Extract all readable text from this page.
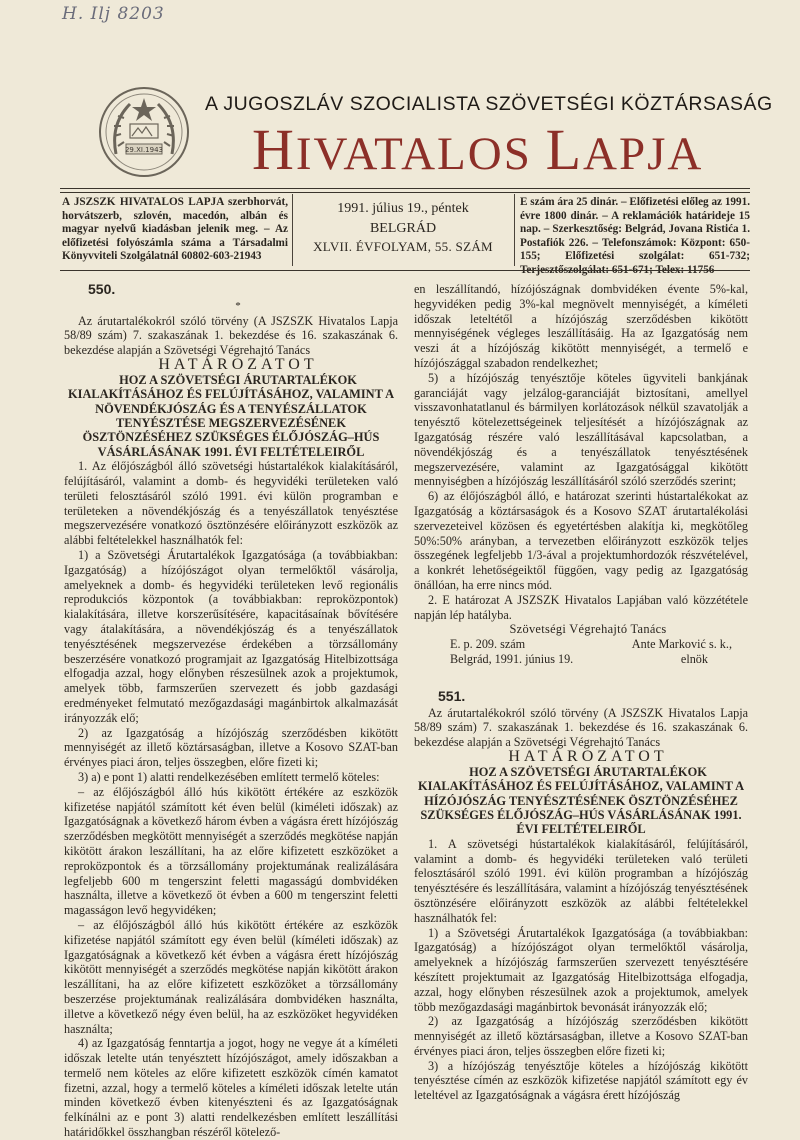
H. Ilj 8203
29.XI.1943
A JUGOSZLÁV SZOCIALISTA SZÖVETSÉGI KÖZTÁRSASÁG
HIVATALOS LAPJA
A JSZSZK HIVATALOS LAPJA szerbhorvát, horvátszerb, szlovén, macedón, albán és magyar nyelvű kiadásban jelenik meg. – Az előfizetési folyószámla száma a Társadalmi Könyvviteli Szolgálatnál 60802-603-21943
1991. július 19., péntek
BELGRÁD
XLVII. ÉVFOLYAM, 55. SZÁM
E szám ára 25 dinár. – Előfizetési előleg az 1991. évre 1800 dinár. – A reklamációk határideje 15 nap. – Szerkesztőség: Belgrád, Jovana Ristića 1. Postafiók 226. – Telefonszámok: Központ: 650-155; Előfizetési szolgálat: 651-732; Terjesztőszolgálat: 651-671; Telex: 11756
550.

*

Az árutartalékokról szóló törvény (A JSZSZK Hivatalos Lapja 58/89 szám) 7. szakaszának 1. bekezdése és 16. szakaszának 6. bekezdése alapján a Szövetségi Végrehajtó Tanács

HATÁROZATOT

HOZ A SZÖVETSÉGI ÁRUTARTALÉKOK KIALAKÍTÁSÁHOZ ÉS FELÚJÍTÁSÁHOZ, VALAMINT A NÖVENDÉKJÓSZÁG ÉS A TENYÉSZÁLLATOK TENYÉSZTÉSE MEGSZERVEZÉSÉNEK ÖSZTÖNZÉSÉHEZ SZÜKSÉGES ÉLŐJÓSZÁG–HÚS VÁSÁRLÁSÁNAK 1991. ÉVI FELTÉTELEIRŐL

1. Az élőjószágból álló szövetségi hústartalékok kialakításáról, felújításáról, valamint a domb- és hegyvidéki területeken való területi felosztásáról szóló 1991. évi külön programban e területeken a növendékjószág és a tenyészállatok tenyésztése megszervezésére vonatkozó ösztönzésére előirányzott eszközök az alábbi feltételekkel használhatók fel:

1) a Szövetségi Árutartalékok Igazgatósága (a továbbiakban: Igazgatóság) a hízójószágot olyan termelőktől vásárolja, amelyeknek a domb- és hegyvidéki területeken levő regionális reprodukciós központok (a továbbiakban: reproközpontok) kialakítására, illetve korszerűsítésére, kapacitásaínak bővítésére vagy átalakítására, a növendékjószág és a tenyészállatok tenyésztésének megszervezése érdekében a törzsállomány beszerzésére vonatkozó programjait az Igazgatóság Hitelbizottsága elfogadja azzal, hogy előnyben részesülnek azok a projektumok, amelyek több, farmszerűen szervezett és jobb gazdasági eredményeket felmutató mezőgazdasági magánbirtok alkalmazását irányozzák elő;

2) az Igazgatóság a hízójószág szerződésben kikötött mennyiségét az illető köztársaságban, illetve a Kosovo SZAT-ban érvényes piaci áron, teljes összegben, előre fizeti ki;

3) a) e pont 1) alatti rendelkezésében említett termelő köteles:

– az élőjószágból álló hús kikötött értékére az eszközök kifizetése napjától számított két éven belül (kiméleti időszak) az Igazgatóságnak a következő három évben a vágásra érett hízójószág szerződésben megkötött mennyiségét a szerződés megkötése napján kikötött árakon leszállítani, ha az előre kifizetett eszközöket a reproközpontok és a törzsállomány projektumának realizálására legfeljebb 600 m tengerszint feletti magasságú dombvidéken használta, illetve a következő öt évben a 600 m tengerszint feletti magasságon levő hegyvidéken;

– az élőjószágból álló hús kikötött értékére az eszközök kifizetése napjától számított egy éven belül (kíméleti időszak) az Igazgatóságnak a következő két évben a vágásra érett hízójószág kikötött mennyiségét a szerződés megkötése napján kikötött árakon leszállítani, ha az előre kifizetett eszközöket a törzsállomány beszerzése projektumának realizálására dombvidéken használta, illetve a következő négy éven belül, ha az eszközöket hegyvidéken használta;

4) az Igazgatóság fenntartja a jogot, hogy ne vegye át a kíméleti időszak letelte után tenyésztett hízójószágot, amely időszakban a termelő nem köteles az előre kifizetett eszközök címén kamatot fizetni, azzal, hogy a termelő köteles a kíméleti időszak letelte után minden következő évben kitenyészteni és az Igazgatóságnak felkínálni az e pont 3) alatti rendelkezésben említett leszállítási határidőkkel összhangban részéről kötelező-

en leszállítandó, hízójószágnak dombvidéken évente 5%-kal, hegyvidéken pedig 3%-kal megnövelt mennyiségét, a kíméleti időszak leteltétől a hízójószág szerződésben kikötött mennyiségének végleges leszállításáig. Ha az Igazgatóság nem veszi át a hízójószág kikötött mennyiségét, a termelő e hízójószággal szabadon rendelkezhet;

5) a hízójószág tenyésztője köteles ügyviteli bankjának garanciáját vagy jelzálog-garanciáját biztosítani, amellyel visszavonhatatlanul és bármilyen korlátozások nélkül szavatolják a tenyésztő kötelezettségeinek teljesítését a hízójószágnak az Igazgatóság részére való leszállításával kapcsolatban, a növendékjószág és a tenyészállatok tenyésztésének megszervezésére, valamint az Igazgatósággal kikötött mennyiségben a hízójószág leszállításáról szóló szerződés szerint;

6) az élőjószágból álló, e határozat szerinti hústartalékokat az Igazgatóság a köztársaságok és a Kosovo SZAT árutartalékolási szervezeteivel közösen és egyetértésben alakítja ki, megkötőleg 50%:50% arányban, a tervezetben előirányzott eszközök teljes összegének legfeljebb 1/3-ával a projektumhordozók részvételével, a konkrét lehetőségeiktől függően, vagy pedig az Igazgatóság önállóan, ha erre nincs mód.

2. E határozat A JSZSZK Hivatalos Lapjában való közzététele napján lép hatályba.

Szövetségi Végrehajtó Tanács

E. p. 209. szám	Ante Marković s. k.,
Belgrád, 1991. június 19.	elnök
551.

Az árutartalékokról szóló törvény (A JSZSZK Hivatalos Lapja 58/89 szám) 7. szakaszának 1. bekezdése és 16. szakaszának 6. bekezdése alapján a Szövetségi Végrehajtó Tanács

HATÁROZATOT

HOZ A SZÖVETSÉGI ÁRUTARTALÉKOK KIALAKÍTÁSÁHOZ ÉS FELÚJÍTÁSÁHOZ, VALAMINT A HÍZÓJÓSZÁG TENYÉSZTÉSÉNEK ÖSZTÖNZÉSÉHEZ SZÜKSÉGES ÉLŐJÓSZÁG–HÚS VÁSÁRLÁSÁNAK 1991. ÉVI FELTÉTELEIRŐL

1. A szövetségi hústartalékok kialakításáról, felújításáról, valamint a domb- és hegyvidéki területeken való területi felosztásáról szóló 1991. évi külön programban a hízójószág tenyésztésére és leszállítására, valamint a hízójószág tenyésztésének ösztönzésére előirányzott eszközök az alábbi feltételekkel használhatók fel:

1) a Szövetségi Árutartalékok Igazgatósága (a továbbiakban: Igazgatóság) a hízójószágot olyan termelőktől vásárolja, amelyeknek a hízójószág farmszerűen szervezett tenyésztésére készített projektumait az Igazgatóság Hitelbizottsága elfogadja, azzal, hogy előnyben részesülnek azok a projektumok, amelyek több mezőgazdasági magánbirtok bevonását irányozzák elő;

2) az Igazgatóság a hízójószág szerződésben kikötött mennyiségét az illető köztársaságban, illetve a Kosovo SZAT-ban érvényes piaci áron, teljes összegben előre fizeti ki;

3) a hízójószág tenyésztője köteles a hízójószág kikötött tenyésztése címén az eszközök kifizetése napjától számított egy év leteltével az Igazgatóságnak a vágásra érett hízójószág
